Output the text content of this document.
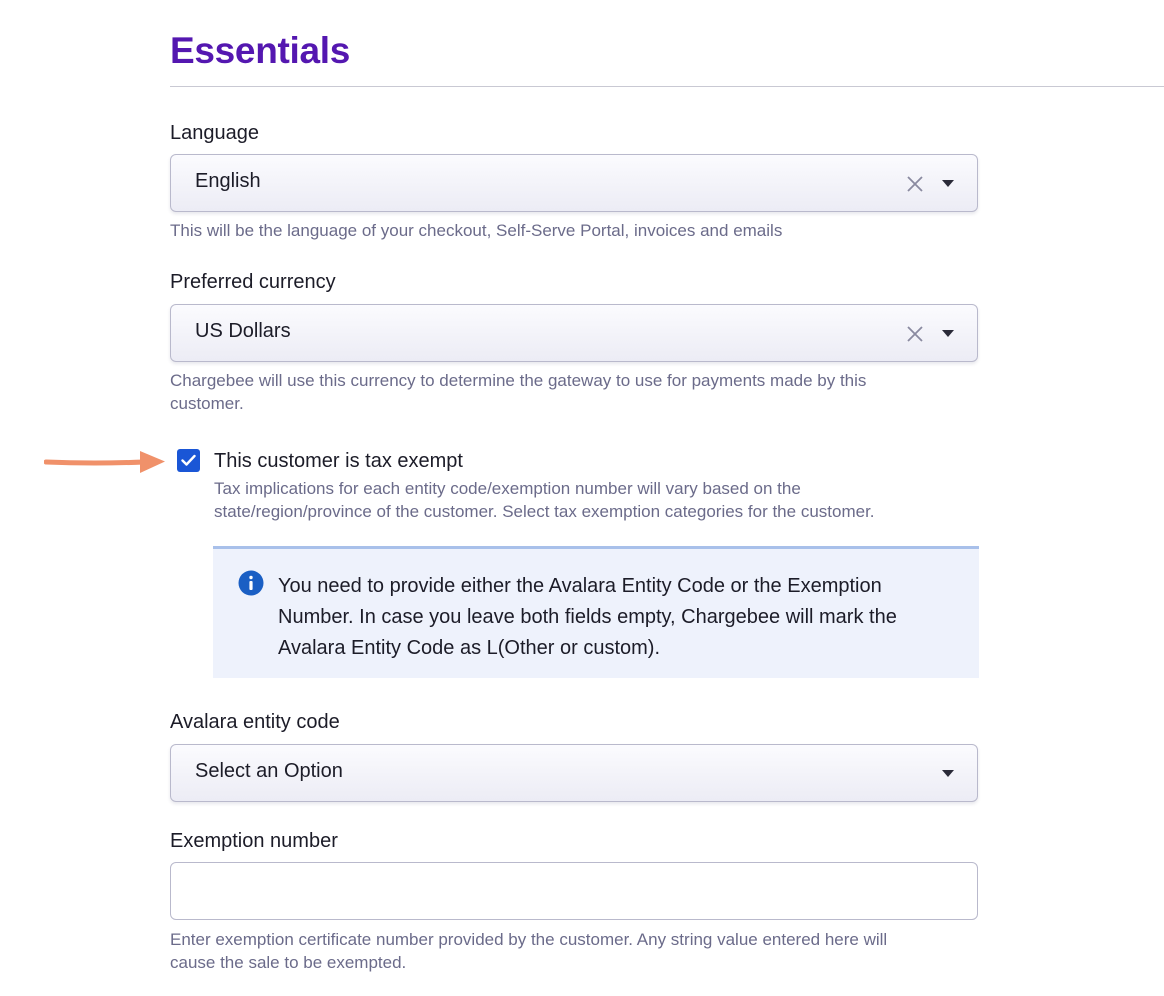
Essentials
Language
English
This will be the language of your checkout, Self-Serve Portal, invoices and emails
Preferred currency
US Dollars
Chargebee will use this currency to determine the gateway to use for payments made by this
customer.
This customer is tax exempt
Tax implications for each entity code/exemption number will vary based on the
state/region/province of the customer. Select tax exemption categories for the customer.
You need to provide either the Avalara Entity Code or the Exemption
Number. In case you leave both fields empty, Chargebee will mark the
Avalara Entity Code as L(Other or custom).
Avalara entity code
Select an Option
Exemption number
Enter exemption certificate number provided by the customer. Any string value entered here will
cause the sale to be exempted.
